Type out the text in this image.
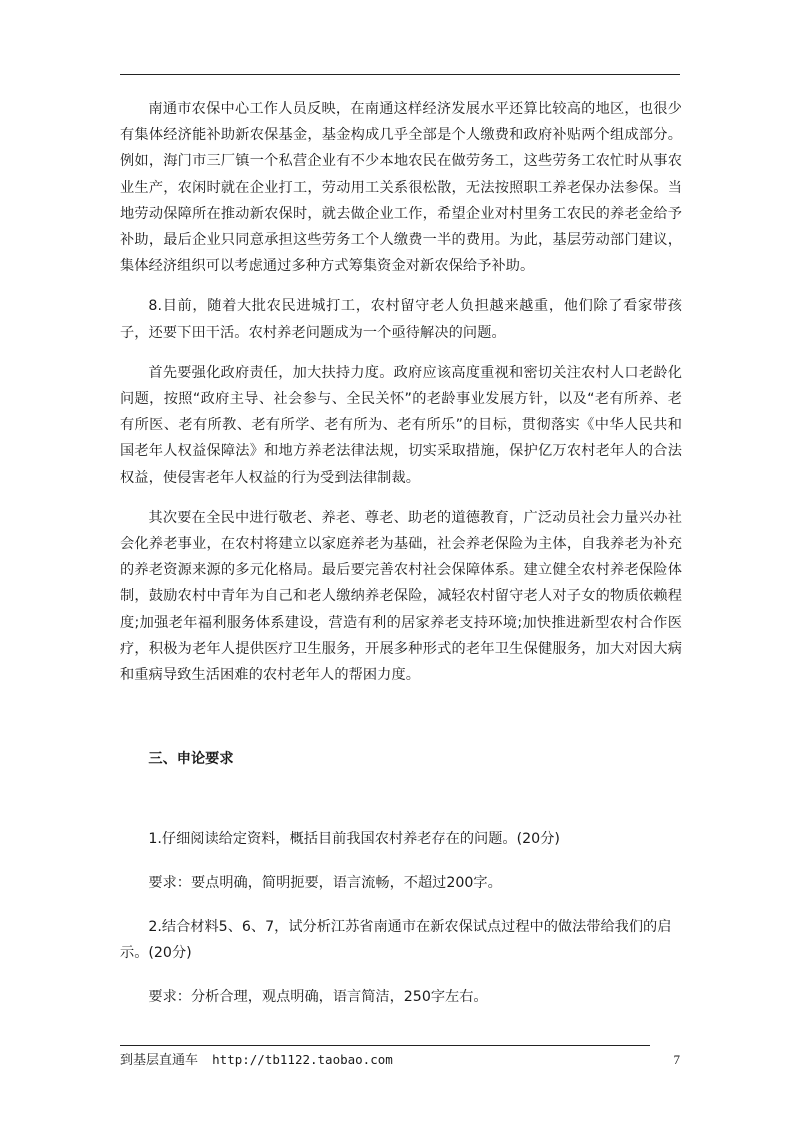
南通市农保中心工作人员反映，在南通这样经济发展水平还算比较高的地区，也很少有集体经济能补助新农保基金，基金构成几乎全部是个人缴费和政府补贴两个组成部分。例如，海门市三厂镇一个私营企业有不少本地农民在做劳务工，这些劳务工农忙时从事农业生产，农闲时就在企业打工，劳动用工关系很松散，无法按照职工养老保办法参保。当地劳动保障所在推动新农保时，就去做企业工作，希望企业对村里务工农民的养老金给予补助，最后企业只同意承担这些劳务工个人缴费一半的费用。为此，基层劳动部门建议，集体经济组织可以考虑通过多种方式筹集资金对新农保给予补助。

8.目前，随着大批农民进城打工，农村留守老人负担越来越重，他们除了看家带孩子，还要下田干活。农村养老问题成为一个亟待解决的问题。

首先要强化政府责任，加大扶持力度。政府应该高度重视和密切关注农村人口老龄化问题，按照“政府主导、社会参与、全民关怀”的老龄事业发展方针，以及“老有所养、老有所医、老有所教、老有所学、老有所为、老有所乐”的目标，贯彻落实《中华人民共和国老年人权益保障法》和地方养老法律法规，切实采取措施，保护亿万农村老年人的合法权益，使侵害老年人权益的行为受到法律制裁。

其次要在全民中进行敬老、养老、尊老、助老的道德教育，广泛动员社会力量兴办社会化养老事业，在农村将建立以家庭养老为基础，社会养老保险为主体，自我养老为补充的养老资源来源的多元化格局。最后要完善农村社会保障体系。建立健全农村养老保险体制，鼓励农村中青年为自己和老人缴纳养老保险，减轻农村留守老人对子女的物质依赖程度;加强老年福利服务体系建设，营造有利的居家养老支持环境;加快推进新型农村合作医疗，积极为老年人提供医疗卫生服务，开展多种形式的老年卫生保健服务，加大对因大病和重病导致生活困难的农村老年人的帮困力度。

三、申论要求

1.仔细阅读给定资料，概括目前我国农村养老存在的问题。(20分)

要求：要点明确，简明扼要，语言流畅，不超过200字。

2.结合材料5、6、7，试分析江苏省南通市在新农保试点过程中的做法带给我们的启示。(20分)

要求：分析合理，观点明确，语言简洁，250字左右。

到基层直通车 http://tb1122.taobao.com	7
